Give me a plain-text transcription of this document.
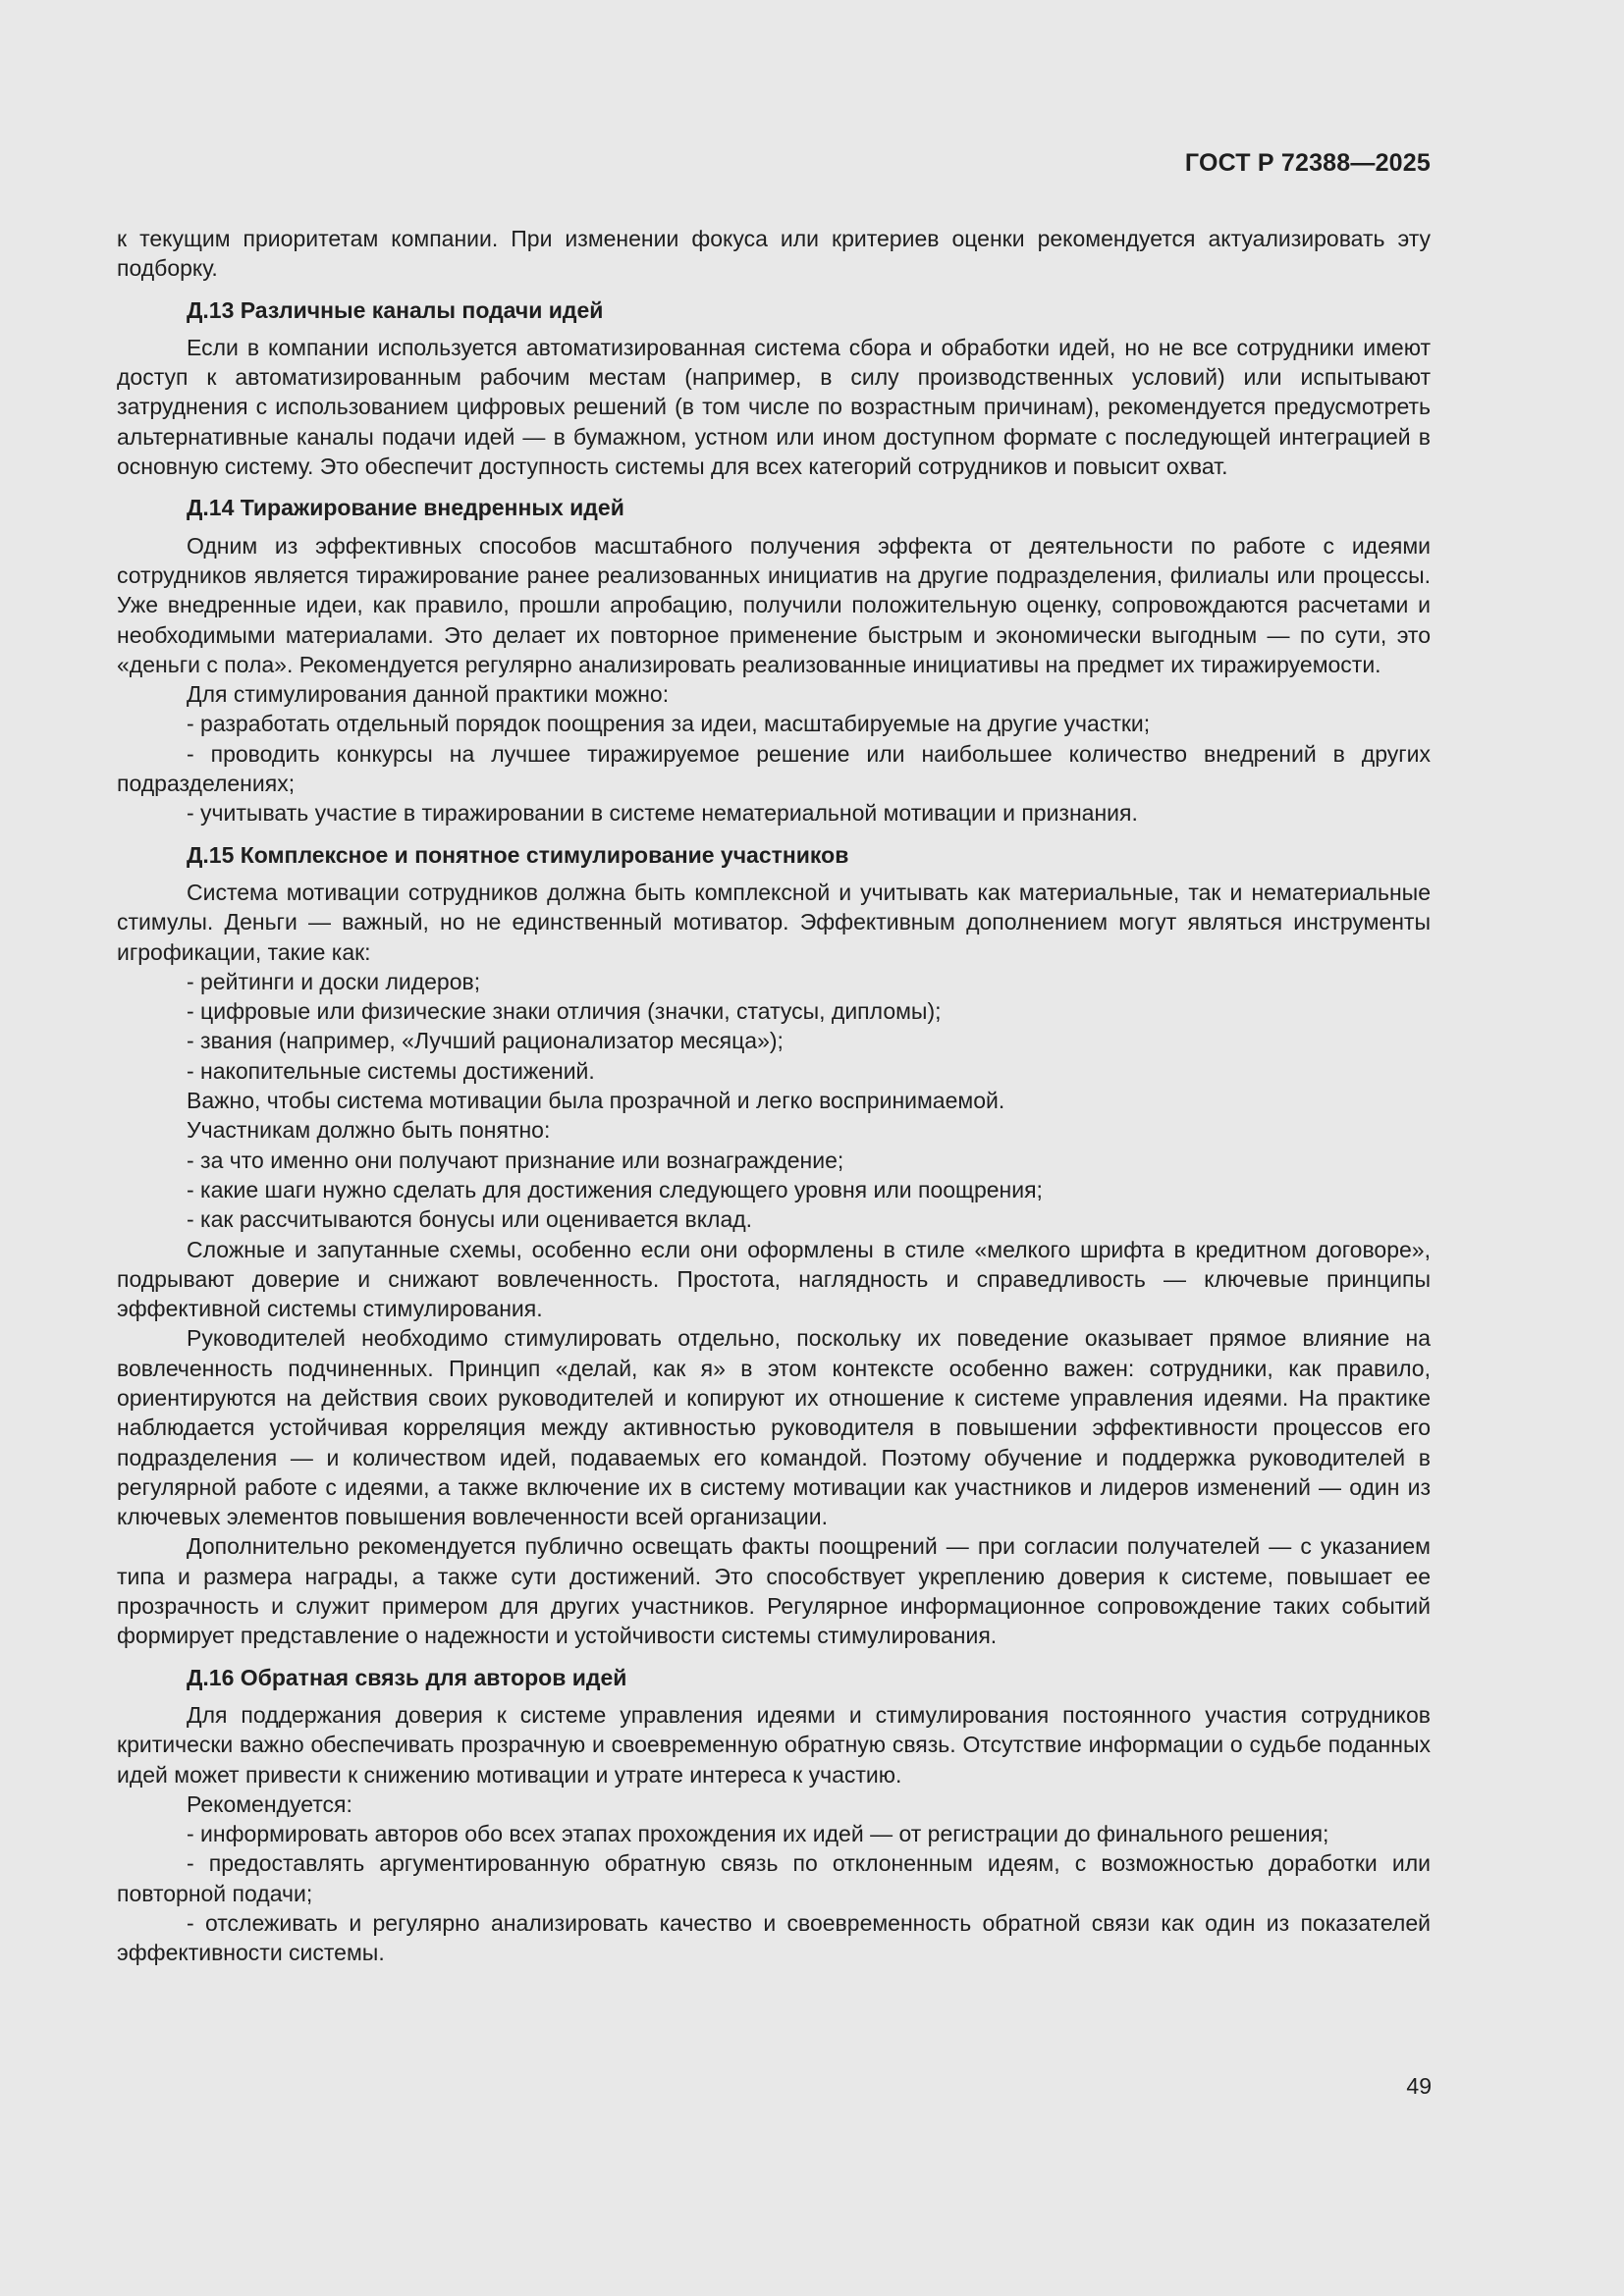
ГОСТ Р 72388—2025

к текущим приоритетам компании. При изменении фокуса или критериев оценки рекомендуется актуализировать эту подборку.

Д.13 Различные каналы подачи идей

Если в компании используется автоматизированная система сбора и обработки идей, но не все сотрудники имеют доступ к автоматизированным рабочим местам (например, в силу производственных условий) или испытывают затруднения с использованием цифровых решений (в том числе по возрастным причинам), рекомендуется предусмотреть альтернативные каналы подачи идей — в бумажном, устном или ином доступном формате с последующей интеграцией в основную систему. Это обеспечит доступность системы для всех категорий сотрудников и повысит охват.

Д.14 Тиражирование внедренных идей

Одним из эффективных способов масштабного получения эффекта от деятельности по работе с идеями сотрудников является тиражирование ранее реализованных инициатив на другие подразделения, филиалы или процессы. Уже внедренные идеи, как правило, прошли апробацию, получили положительную оценку, сопровождаются расчетами и необходимыми материалами. Это делает их повторное применение быстрым и экономически выгодным — по сути, это «деньги с пола». Рекомендуется регулярно анализировать реализованные инициативы на предмет их тиражируемости.

Для стимулирования данной практики можно:

- разработать отдельный порядок поощрения за идеи, масштабируемые на другие участки;

- проводить конкурсы на лучшее тиражируемое решение или наибольшее количество внедрений в других подразделениях;

- учитывать участие в тиражировании в системе нематериальной мотивации и признания.

Д.15 Комплексное и понятное стимулирование участников

Система мотивации сотрудников должна быть комплексной и учитывать как материальные, так и нематериальные стимулы. Деньги — важный, но не единственный мотиватор. Эффективным дополнением могут являться инструменты игрофикации, такие как:

- рейтинги и доски лидеров;

- цифровые или физические знаки отличия (значки, статусы, дипломы);

- звания (например, «Лучший рационализатор месяца»);

- накопительные системы достижений.

Важно, чтобы система мотивации была прозрачной и легко воспринимаемой.

Участникам должно быть понятно:

- за что именно они получают признание или вознаграждение;

- какие шаги нужно сделать для достижения следующего уровня или поощрения;

- как рассчитываются бонусы или оценивается вклад.

Сложные и запутанные схемы, особенно если они оформлены в стиле «мелкого шрифта в кредитном договоре», подрывают доверие и снижают вовлеченность. Простота, наглядность и справедливость — ключевые принципы эффективной системы стимулирования.

Руководителей необходимо стимулировать отдельно, поскольку их поведение оказывает прямое влияние на вовлеченность подчиненных. Принцип «делай, как я» в этом контексте особенно важен: сотрудники, как правило, ориентируются на действия своих руководителей и копируют их отношение к системе управления идеями. На практике наблюдается устойчивая корреляция между активностью руководителя в повышении эффективности процессов его подразделения — и количеством идей, подаваемых его командой. Поэтому обучение и поддержка руководителей в регулярной работе с идеями, а также включение их в систему мотивации как участников и лидеров изменений — один из ключевых элементов повышения вовлеченности всей организации.

Дополнительно рекомендуется публично освещать факты поощрений — при согласии получателей — с указанием типа и размера награды, а также сути достижений. Это способствует укреплению доверия к системе, повышает ее прозрачность и служит примером для других участников. Регулярное информационное сопровождение таких событий формирует представление о надежности и устойчивости системы стимулирования.

Д.16 Обратная связь для авторов идей

Для поддержания доверия к системе управления идеями и стимулирования постоянного участия сотрудников критически важно обеспечивать прозрачную и своевременную обратную связь. Отсутствие информации о судьбе поданных идей может привести к снижению мотивации и утрате интереса к участию.

Рекомендуется:

- информировать авторов обо всех этапах прохождения их идей — от регистрации до финального решения;

- предоставлять аргументированную обратную связь по отклоненным идеям, с возможностью доработки или повторной подачи;

- отслеживать и регулярно анализировать качество и своевременность обратной связи как один из показателей эффективности системы.

49
